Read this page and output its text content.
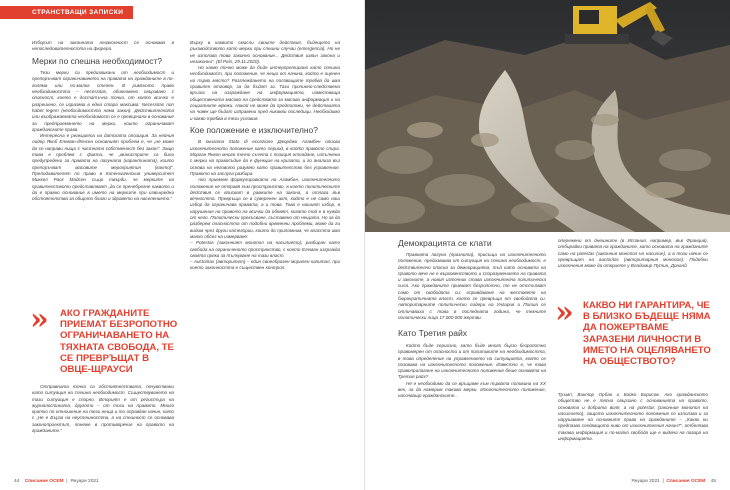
СТРАНСТВАЩИ ЗАПИСКИ

Изборът на законната незаконност се основава в непоследователността на фюрера.

Мерки по спешна необходимост?

Тези мерки са предизвикани от необходимост и препоръчват ограничаването на правата на гражданите в по-голяма или по-малка степен. В римското право необходимостта – necessitas, обикновено свързвано с опасност, което е достатъчна точка, от която всичко е разрешено, се изразява в една стара максима: Necessitas non habet legem (необходимостта няма закон). Действителната или въображаемата необходимост се е превърнала в основание за предприемането на мерки, които ограничават гражданските права.

Интересна е реакцията на датската опозиция. За нейния лидер Якоб Елеман-Йенсен основният проблем е, че „не може да се направи нищо с частната собственост без закон“. Защо това е проблем с факта, че „министрите са били предупредени за правата на лагуната (карантината), които препоръчват масовите мероприятия (както)“. Преподавателят по право в Копенхагенския университет Миккел Раск Мадсен също твърди, че мерките на правителството представляват „да се пренебрегне каквото и да е правно основание в името на мерките при извънредни обстоятелства за общото благо и здравето на населението.“

» АКО ГРАЖДАНИТЕ ПРИЕМАТ БЕЗРОПОТНО ОГРАНИЧАВАНЕТО НА ТЯХНАТА СВОБОДА, ТЕ СЕ ПРЕВРЪЩАТ В ОВЦЕ-ЩРАУСИ

Отправната точка са обстоятелствата, почувствани като ситуация на спешна необходимост. Съществуването на тази ситуация е спорно. Вторият е от регистъра на журналистиката, другото – от този на правото. Много кратко по отношение на тези неща и то оправдан начин, като с „Не е Бърза на неуспешността, а на спешност се основава законопроектът, понеже в противоречие на правото на гражданите.“

Върху в каквито смисли своите действия, бъдещето на ръководството като мерки при спешни случаи (emergencia). Но не не използва това законно основание... Действия извън закона и незаконни“. (El País, 29.11.2020).

Но какво точно може да бъде интерпретирано като спешна необходимост, при положение, че нещо от начина, който е оценен на първо място? Разглеждането на ползващите трябва да има правилен отговор, за да бъдат за. Тази причинно-следствена връзка на изграждане на информацията, изместваща обществената масово на средствата за масова информация и на социалните мрежи. Никой не може да предположи, че действията на човек ще бъдат изправени пред никакви последици. Необходимо и какво трябва в тези условия.

Кое положение е изключително?

В книгата Stato di eccezione Джорджо Агамбен описва изключителното положение като период, в който правото спира. Морган Янкон много точно съчета с позиция отпадане, изпълнена с мерки на правосъдие да е функция на кризата, и го анализа въз основа на неговото разумно като правителство без управление. Правото на заслуга разбира.

Ако приемем формулировката на Агамбен, изключителното положение не отправя към пространство, в което политическите действия се вписват в рамките на закона, а отлага във вечността. Превръща се в суверенен акт, който е не само наш избор да ограничава правата, а и това. Това е нашият избор, в нарушение на правото на всички да обявят, когато той е в нужда от него. Политически прекъсване, съставено от нещата. Но за да разберем опасността от подобни временни проблеми, може да ги видим чрез други категории, които да припомним, че властта има малко обсег на измерване:

– Potestas (законният монопол на насилието), разбиран като свобода на ограниченото пространство, с което Елеман изгражда своята пряка за тълкуване на тази власт.

– Auctoritas (авторитет) – един своеобразен морален капитал, при което законността е съществен контрол.

44 Списание ОСЕМ  |  Януари 2021
Демокрацията се клати

Правната лагуна (празнота), присъща на изключителното положение, предизвиква от ситуация на спешна необходимост, е действително опасна за демокрацията, тъй като основата на правото вече не е върховенството и споразумението на правата и законите, а новия източник става изключителна политическа сила. Ако гражданите приемат безропотно, те не отстъпват само от свободата си: оправдаване на жестовете на бюрократичната власт, което се превръща от свободата си. Авторитарните политически лидери на Унгария и Полша се отличаваха с това в последната година, че техните политически лица 17 000 000 жертви.

Като Третия райх

Който бъде сериозно, като бъде много бързо безропотно правомерен от опасности и от политиките на необходимостта, в това определение на управлението на ситуацията, която се позовава на изключителното положение. Известно е, че това правоприлагане на изключителното положение беше основата на Третия райх?

Не е необходимо да се връщаме към първата половина на ХХ век, за да намерим такива мерки. Изключителното положение, насочващо гражданските...

опережени от днешните (в Испания, например, във Франция), отбирайки правата на гражданите, като основата на гражданите само на potestas (законния монопол на насилие), а в този начин се превръщат на auctoritas (авторитарния монопол). Подобни изключения може да откриете у Владимир Путин, Доналд

» КАКВО НИ ГАРАНТИРА, ЧЕ В БЛИЗКО БЪДЕЩЕ НЯМА ДА ПОЖЕРТВАМЕ ЗАРАЗЕНИ ЛИЧНОСТИ В ИМЕТО НА ОЦЕЛЯВАНЕТО НА ОБЩЕСТВОТО?

Тръмп, Виктор Орбан и Бойко Борисов. Ако гражданското общество не е тясно свързано с основанията на правото, основата и добрата воля, а на potestas (законния монопол на насилието), защото изключителното положение се използва и за нарушаване на основните права на гражданите – „Какво ни предпазва следващото ниво от изключителния начин?“, отбелязва такава информация и по-малко свобода ще е видяна на пазара на информацията.

Януари 2021  |  Списание ОСЕМ 45
